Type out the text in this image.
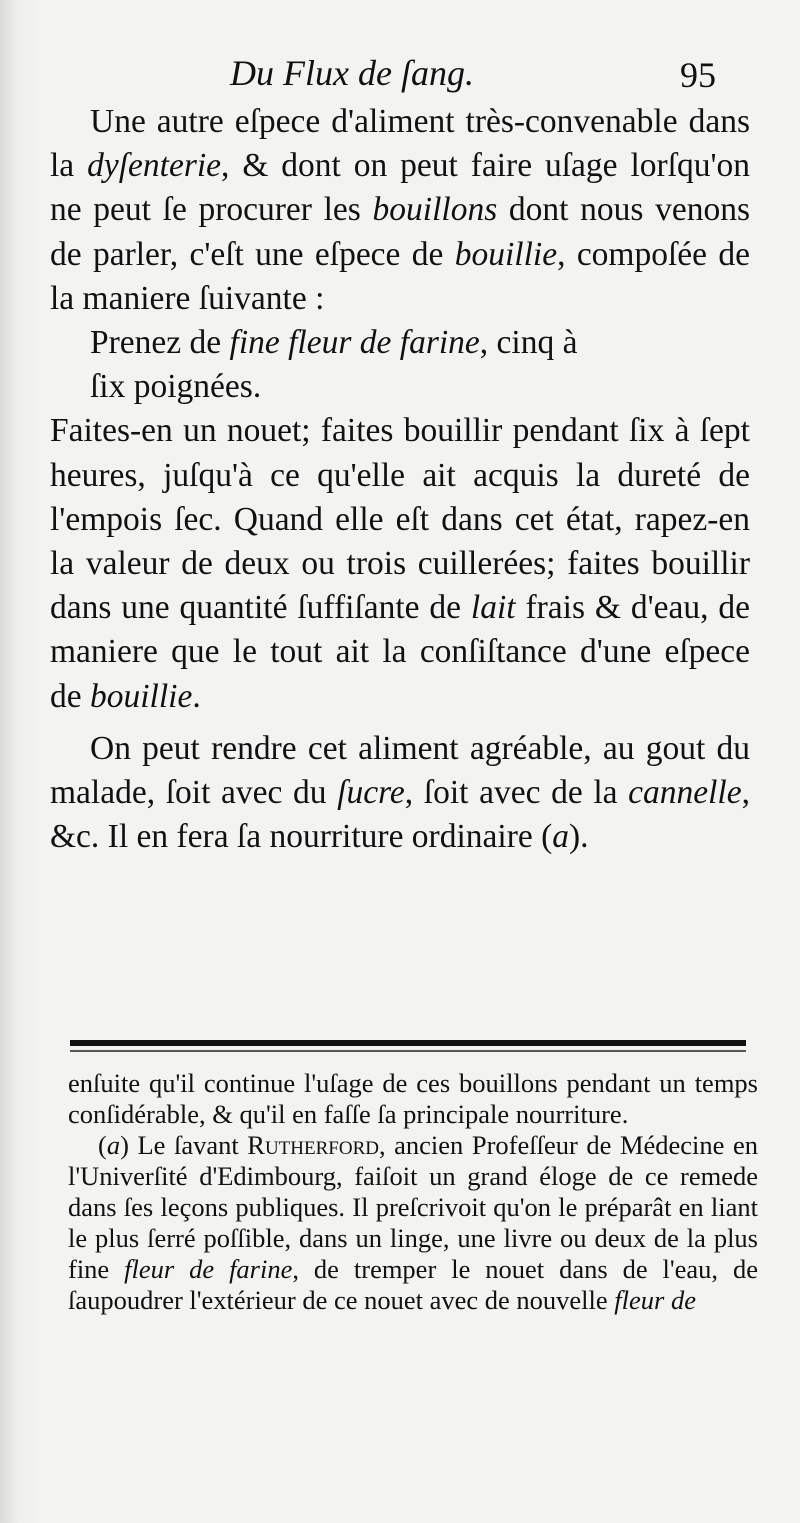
Du Flux de ſang.	95

Une autre eſpece d'aliment très-convenable dans la dyſenterie, & dont on peut faire uſage lorſqu'on ne peut ſe procurer les bouillons dont nous venons de parler, c'eſt une eſpece de bouillie, compoſée de la maniere ſuivante :

Prenez de fine fleur de farine, cinq à
ſix poignées.

Faites-en un nouet; faites bouillir pendant ſix à ſept heures, juſqu'à ce qu'elle ait acquis la dureté de l'empois ſec. Quand elle eſt dans cet état, rapez-en la valeur de deux ou trois cuillerées; faites bouillir dans une quantité ſuffiſante de lait frais & d'eau, de maniere que le tout ait la conſiſtance d'une eſpece de bouillie.

On peut rendre cet aliment agréable, au gout du malade, ſoit avec du ſucre, ſoit avec de la cannelle, &c. Il en fera ſa nourriture ordinaire (a).

enſuite qu'il continue l'uſage de ces bouillons pendant un temps conſidérable, & qu'il en faſſe ſa principale nourriture.

(a) Le ſavant Rutherford, ancien Profeſſeur de Médecine en l'Univerſité d'Edimbourg, faiſoit un grand éloge de ce remede dans ſes leçons publiques. Il preſcrivoit qu'on le préparât en liant le plus ſerré poſſible, dans un linge, une livre ou deux de la plus fine fleur de farine, de tremper le nouet dans de l'eau, de ſaupoudrer l'extérieur de ce nouet avec de nouvelle fleur de
